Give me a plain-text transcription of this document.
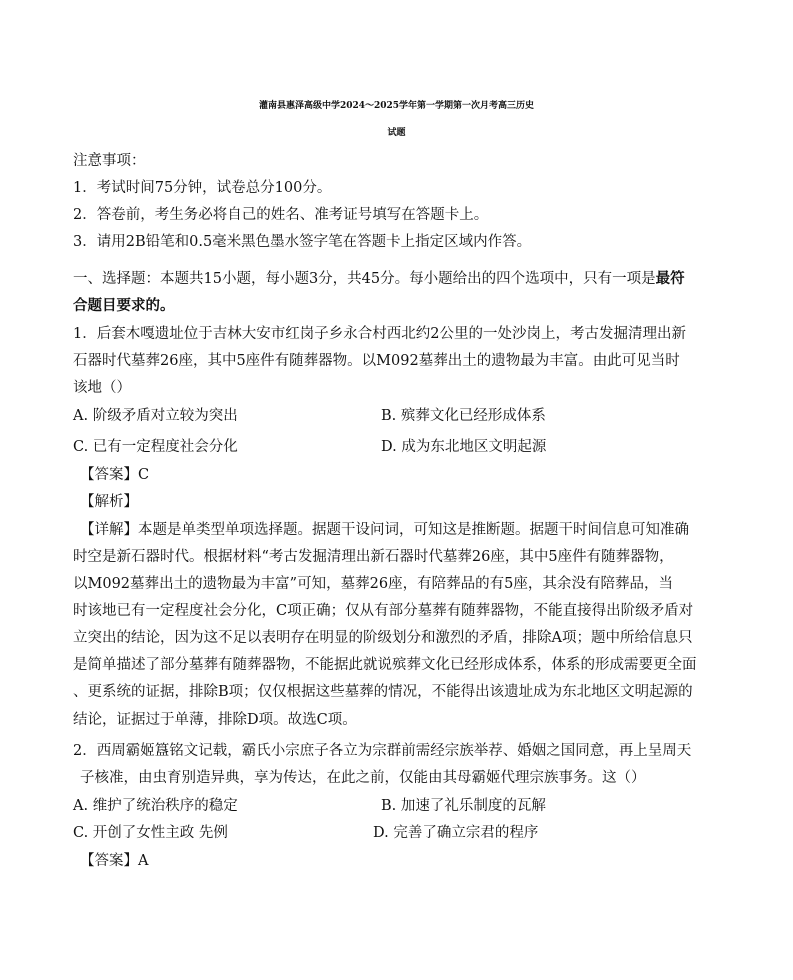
灌南县惠泽高级中学2024～2025学年第一学期第一次月考高三历史
试题
注意事项：
1．考试时间75分钟，试卷总分100分。
2．答卷前，考生务必将自己的姓名、准考证号填写在答题卡上。
3．请用2B铅笔和0.5毫米黑色墨水签字笔在答题卡上指定区域内作答。
一、选择题：本题共15小题，每小题3分，共45分。每小题给出的四个选项中，只有一项是最符
合题目要求的。
1．后套木嘎遗址位于吉林大安市红岗子乡永合村西北约2公里的一处沙岗上，考古发掘清理出新
石器时代墓葬26座，其中5座件有随葬器物。以M092墓葬出土的遗物最为丰富。由此可见当时
该地（）
A. 阶级矛盾对立较为突出	B. 殡葬文化已经形成体系
C. 已有一定程度社会分化	D. 成为东北地区文明起源
【答案】C
【解析】
【详解】本题是单类型单项选择题。据题干设问词，可知这是推断题。据题干时间信息可知准确
时空是新石器时代。根据材料“考古发掘清理出新石器时代墓葬26座，其中5座件有随葬器物，
以M092墓葬出土的遗物最为丰富”可知，墓葬26座，有陪葬品的有5座，其余没有陪葬品，当
时该地已有一定程度社会分化，C项正确；仅从有部分墓葬有随葬器物，不能直接得出阶级矛盾对
立突出的结论，因为这不足以表明存在明显的阶级划分和激烈的矛盾，排除A项；题中所给信息只
是简单描述了部分墓葬有随葬器物，不能据此就说殡葬文化已经形成体系，体系的形成需要更全面
、更系统的证据，排除B项；仅仅根据这些墓葬的情况，不能得出该遗址成为东北地区文明起源的
结论，证据过于单薄，排除D项。故选C项。
2．西周霸姬簋铭文记载，霸氏小宗庶子各立为宗群前需经宗族举荐、婚姻之国同意，再上呈周天
子核准，由虫育别造异典，享为传达，在此之前，仅能由其母霸姬代理宗族事务。这（）
A. 维护了统治秩序的稳定	B. 加速了礼乐制度的瓦解
C. 开创了女性主政 先例	D. 完善了确立宗君的程序
【答案】A
